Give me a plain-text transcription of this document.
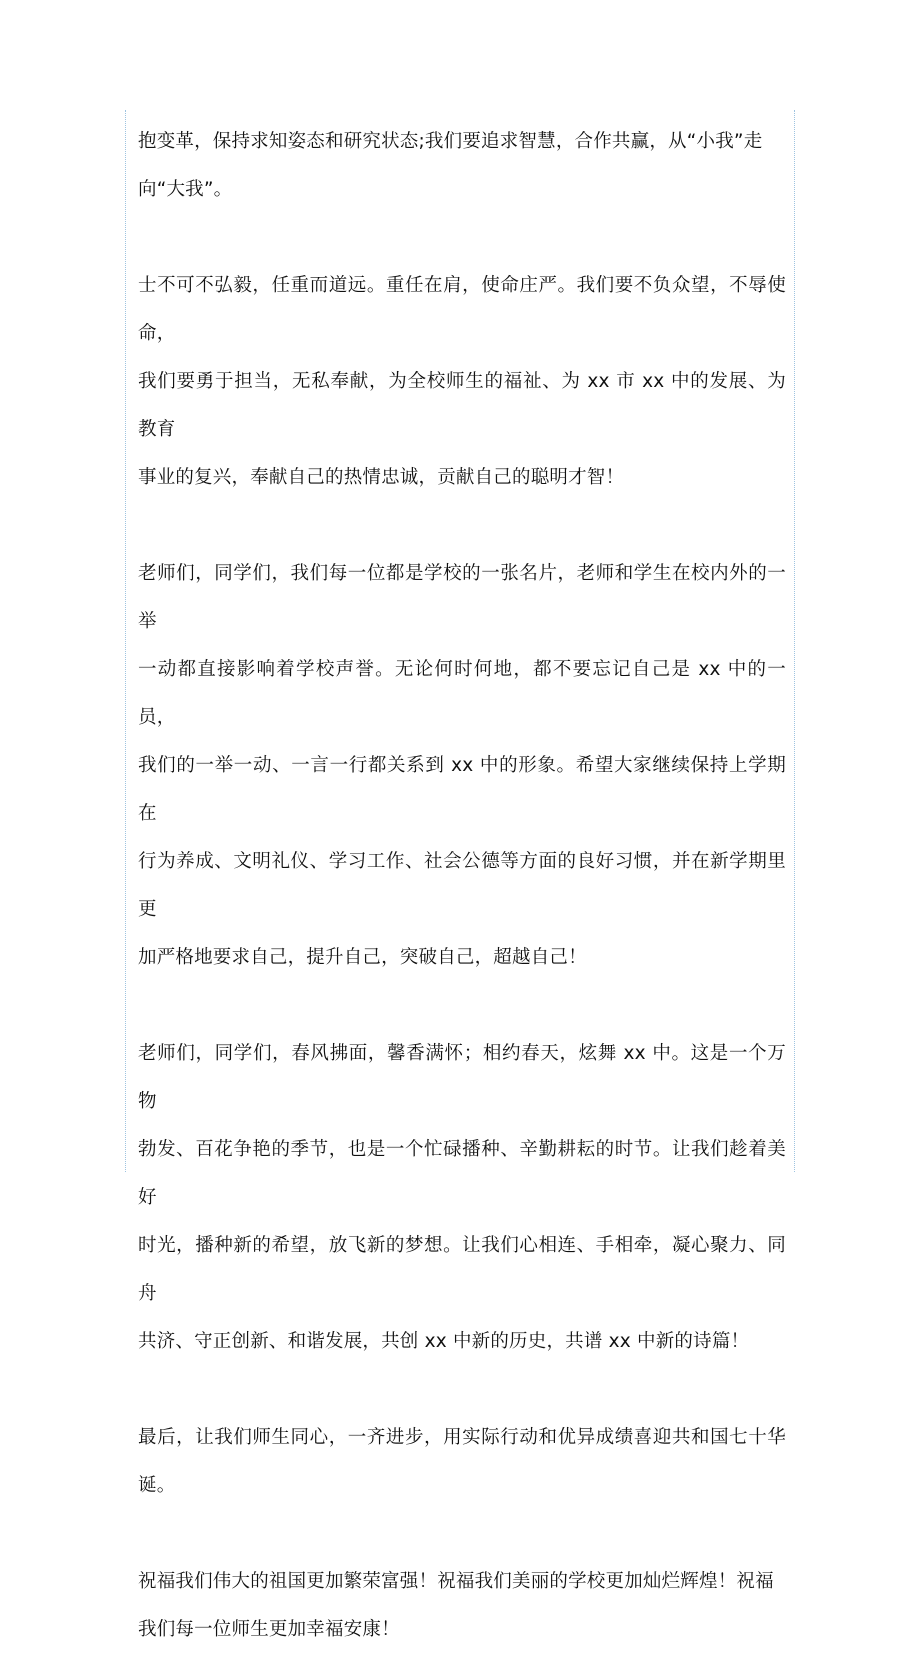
抱变革，保持求知姿态和研究状态;我们要追求智慧，合作共赢，从“小我”走
向“大我”。

士不可不弘毅，任重而道远。重任在肩，使命庄严。我们要不负众望，不辱使命，
我们要勇于担当，无私奉献，为全校师生的福祉、为 xx 市 xx 中的发展、为教育
事业的复兴，奉献自己的热情忠诚，贡献自己的聪明才智！

老师们，同学们，我们每一位都是学校的一张名片，老师和学生在校内外的一举
一动都直接影响着学校声誉。无论何时何地，都不要忘记自己是 xx 中的一员，
我们的一举一动、一言一行都关系到 xx 中的形象。希望大家继续保持上学期在
行为养成、文明礼仪、学习工作、社会公德等方面的良好习惯，并在新学期里更
加严格地要求自己，提升自己，突破自己，超越自己！

老师们，同学们，春风拂面，馨香满怀；相约春天，炫舞 xx 中。这是一个万物
勃发、百花争艳的季节，也是一个忙碌播种、辛勤耕耘的时节。让我们趁着美好
时光，播种新的希望，放飞新的梦想。让我们心相连、手相牵，凝心聚力、同舟
共济、守正创新、和谐发展，共创 xx 中新的历史，共谱 xx 中新的诗篇！

最后，让我们师生同心，一齐进步，用实际行动和优异成绩喜迎共和国七十华诞。

祝福我们伟大的祖国更加繁荣富强！祝福我们美丽的学校更加灿烂辉煌！祝福
我们每一位师生更加幸福安康！
